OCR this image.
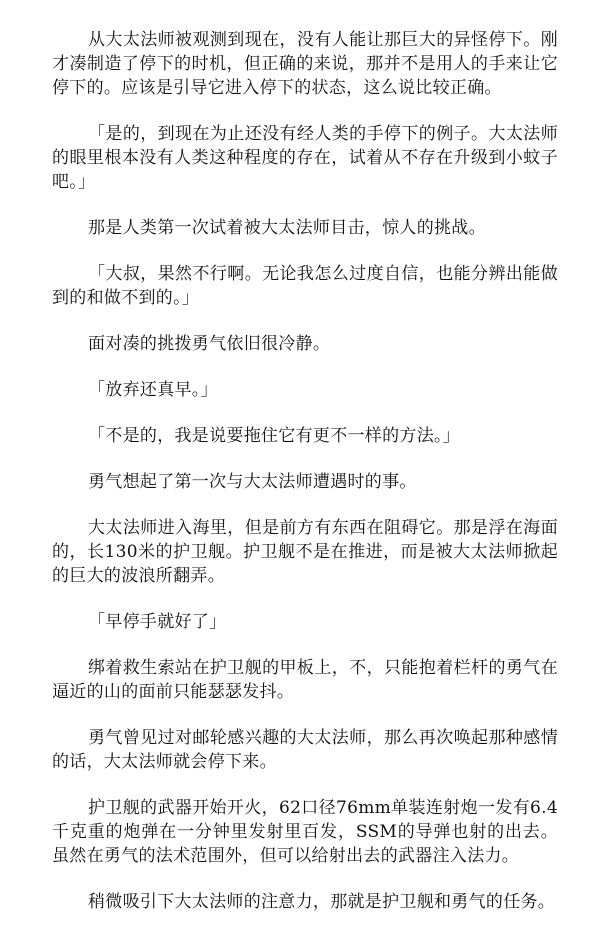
从大太法师被观测到现在，没有人能让那巨大的异怪停下。刚才凑制造了停下的时机，但正确的来说，那并不是用人的手来让它停下的。应该是引导它进入停下的状态，这么说比较正确。

「是的，到现在为止还没有经人类的手停下的例子。大太法师的眼里根本没有人类这种程度的存在，试着从不存在升级到小蚊子吧。」

那是人类第一次试着被大太法师目击，惊人的挑战。

「大叔，果然不行啊。无论我怎么过度自信，也能分辨出能做到的和做不到的。」

面对凑的挑拨勇气依旧很冷静。

「放弃还真早。」

「不是的，我是说要拖住它有更不一样的方法。」

勇气想起了第一次与大太法师遭遇时的事。

大太法师进入海里，但是前方有东西在阻碍它。那是浮在海面的，长130米的护卫舰。护卫舰不是在推进，而是被大太法师掀起的巨大的波浪所翻弄。

「早停手就好了」

绑着救生索站在护卫舰的甲板上，不，只能抱着栏杆的勇气在逼近的山的面前只能瑟瑟发抖。

勇气曾见过对邮轮感兴趣的大太法师，那么再次唤起那种感情的话，大太法师就会停下来。

护卫舰的武器开始开火，62口径76mm单装连射炮一发有6.4千克重的炮弹在一分钟里发射里百发，SSM的导弹也射的出去。虽然在勇气的法术范围外，但可以给射出去的武器注入法力。

稍微吸引下大太法师的注意力，那就是护卫舰和勇气的任务。
